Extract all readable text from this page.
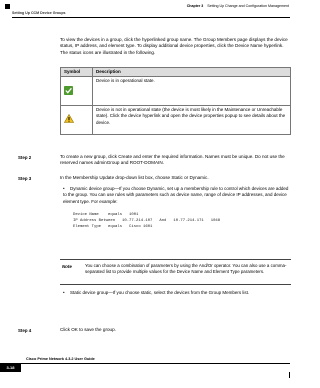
Chapter 3 Setting Up Change and Configuration Management
Setting Up CCM Device Groups
To view the devices in a group, click the hyperlinked group name. The Group Members page displays the device status, IP address, and element type. To display additional device properties, click the Device Name hyperlink. The status icons are illustrated in the following.
Symbol	Description
	Device is in operational state.
	Device is not in operational state (the device is most likely in the Maintenance or Unreachable state). Click the device hyperlink and open the device properties popup to see details about the device.
Step 2	To create a new group, click Create and enter the required information. Names must be unique. Do not use the reserved names adminGroup and ROOT-DOMAIN.
Step 3	In the Membership Update drop-down list box, choose Static or Dynamic.
• Dynamic device group—If you choose Dynamic, set up a membership rule to control which devices are added to the group. You can use rules with parameters such as device name, range of device IP addresses, and device element type. For example:
Device Name    equals   1001
IP Address Between   10.77.214.107   And   10.77.214.171   1048
Element Type   equals   Cisco 1601
Note	You can choose a combination of parameters by using the And/Or operator. You can also use a comma-separated list to provide multiple values for the Device Name and Element Type parameters.
• Static device group—If you choose static, select the devices from the Group Members list.
Step 4	Click OK to save the group.
Cisco Prime Network 4.3.2 User Guide
3-18
